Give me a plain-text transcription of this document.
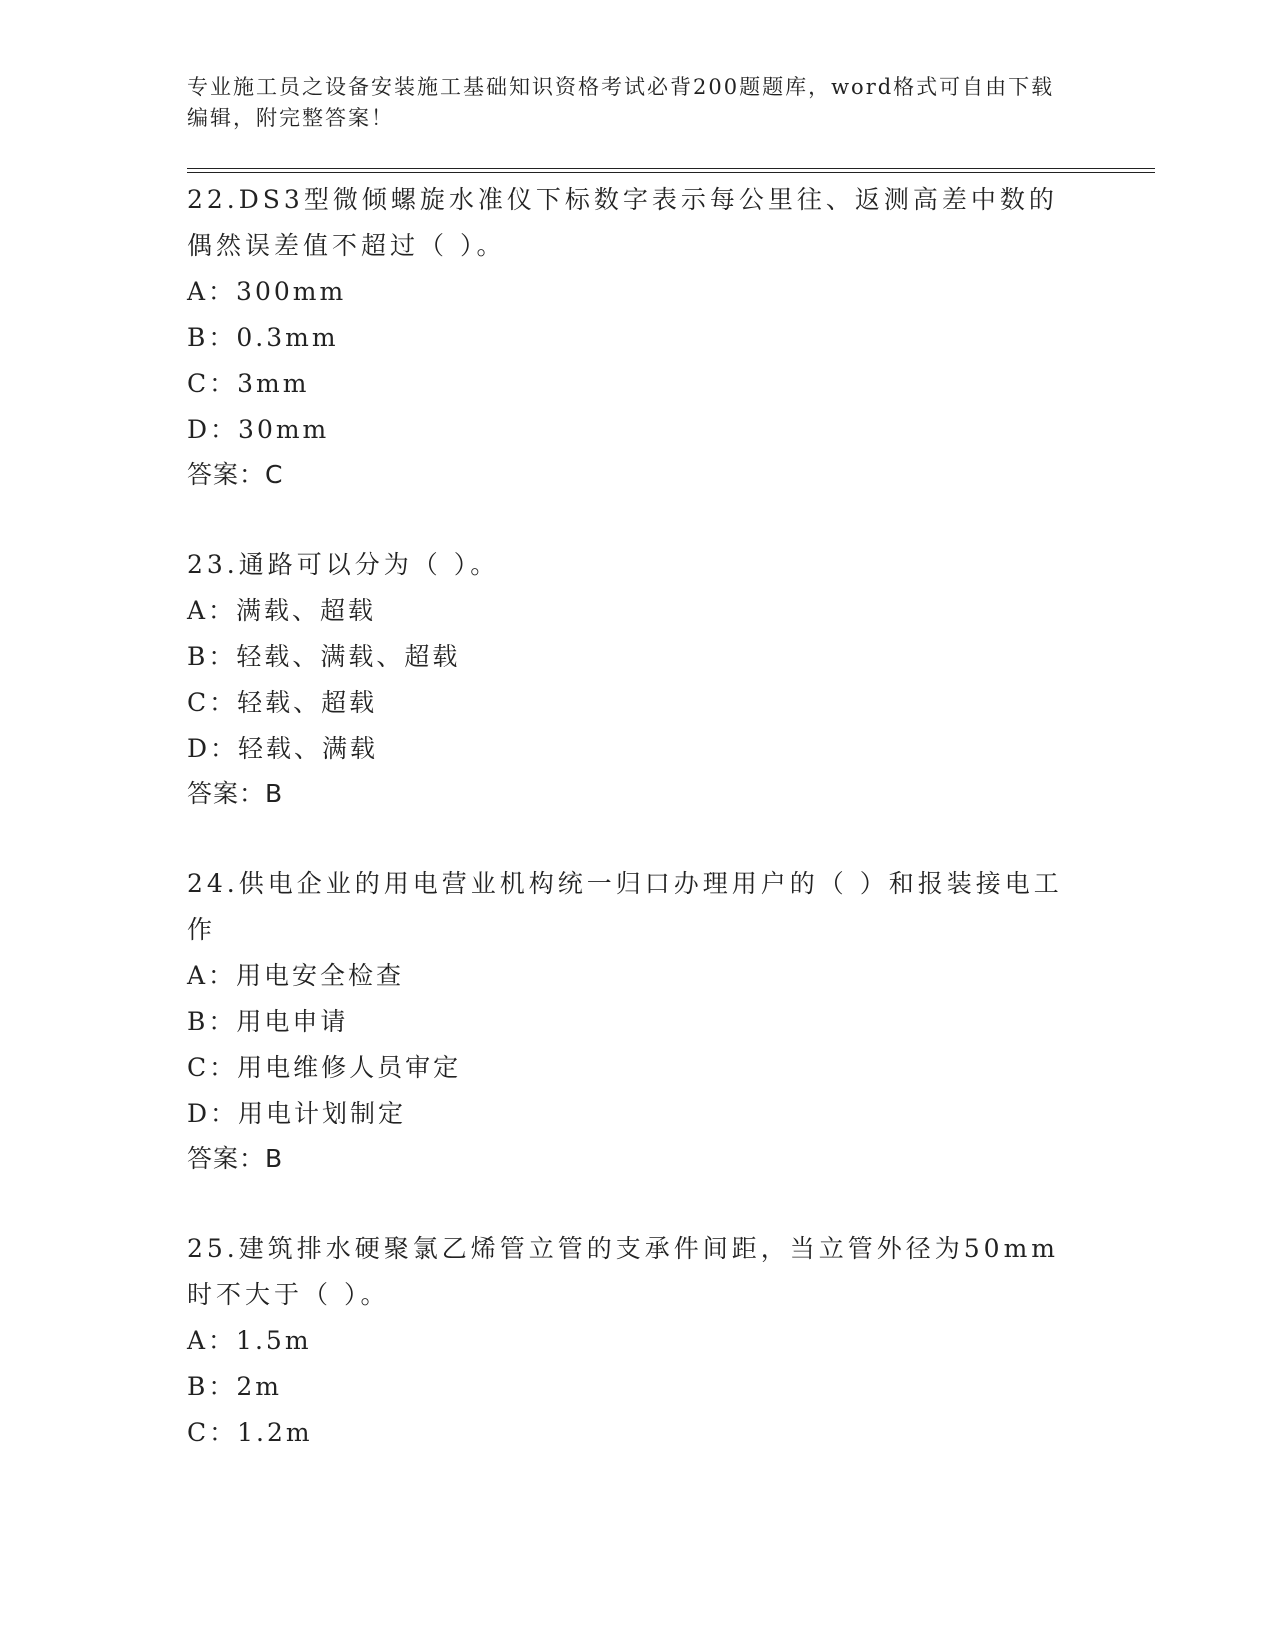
专业施工员之设备安装施工基础知识资格考试必背200题题库，word格式可自由下载编辑，附完整答案！

22.DS3型微倾螺旋水准仪下标数字表示每公里往、返测高差中数的偶然误差值不超过（ ）。

A：300mm

B：0.3mm

C：3mm

D：30mm

答案：C

23.通路可以分为（ ）。

A：满载、超载

B：轻载、满载、超载

C：轻载、超载

D：轻载、满载

答案：B

24.供电企业的用电营业机构统一归口办理用户的（ ）和报装接电工作

A：用电安全检查

B：用电申请

C：用电维修人员审定

D：用电计划制定

答案：B

25.建筑排水硬聚氯乙烯管立管的支承件间距，当立管外径为50mm时不大于（ ）。

A：1.5m

B：2m

C：1.2m
